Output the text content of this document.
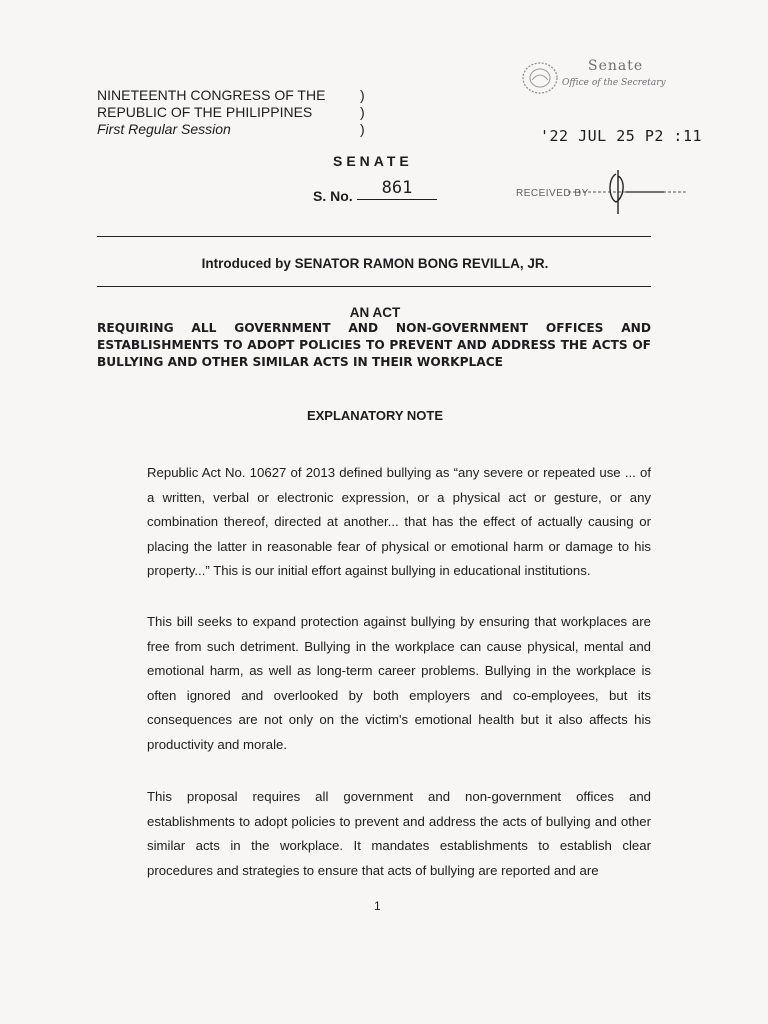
NINETEENTH CONGRESS OF THE
REPUBLIC OF THE PHILIPPINES
First Regular Session
)
)
)
Senate
Office of the Secretary
'22 JUL 25 P2 :11
SENATE
S. No.	861	RECEIVED BY
Introduced by SENATOR RAMON BONG REVILLA, JR.
AN ACT
REQUIRING ALL GOVERNMENT AND NON-GOVERNMENT OFFICES AND ESTABLISHMENTS TO ADOPT POLICIES TO PREVENT AND ADDRESS THE ACTS OF BULLYING AND OTHER SIMILAR ACTS IN THEIR WORKPLACE
EXPLANATORY NOTE
Republic Act No. 10627 of 2013 defined bullying as “any severe or repeated use ... of a written, verbal or electronic expression, or a physical act or gesture, or any combination thereof, directed at another... that has the effect of actually causing or placing the latter in reasonable fear of physical or emotional harm or damage to his property...” This is our initial effort against bullying in educational institutions.
This bill seeks to expand protection against bullying by ensuring that workplaces are free from such detriment. Bullying in the workplace can cause physical, mental and emotional harm, as well as long-term career problems. Bullying in the workplace is often ignored and overlooked by both employers and co-employees, but its consequences are not only on the victim's emotional health but it also affects his productivity and morale.
This proposal requires all government and non-government offices and establishments to adopt policies to prevent and address the acts of bullying and other similar acts in the workplace. It mandates establishments to establish clear procedures and strategies to ensure that acts of bullying are reported and are
1
